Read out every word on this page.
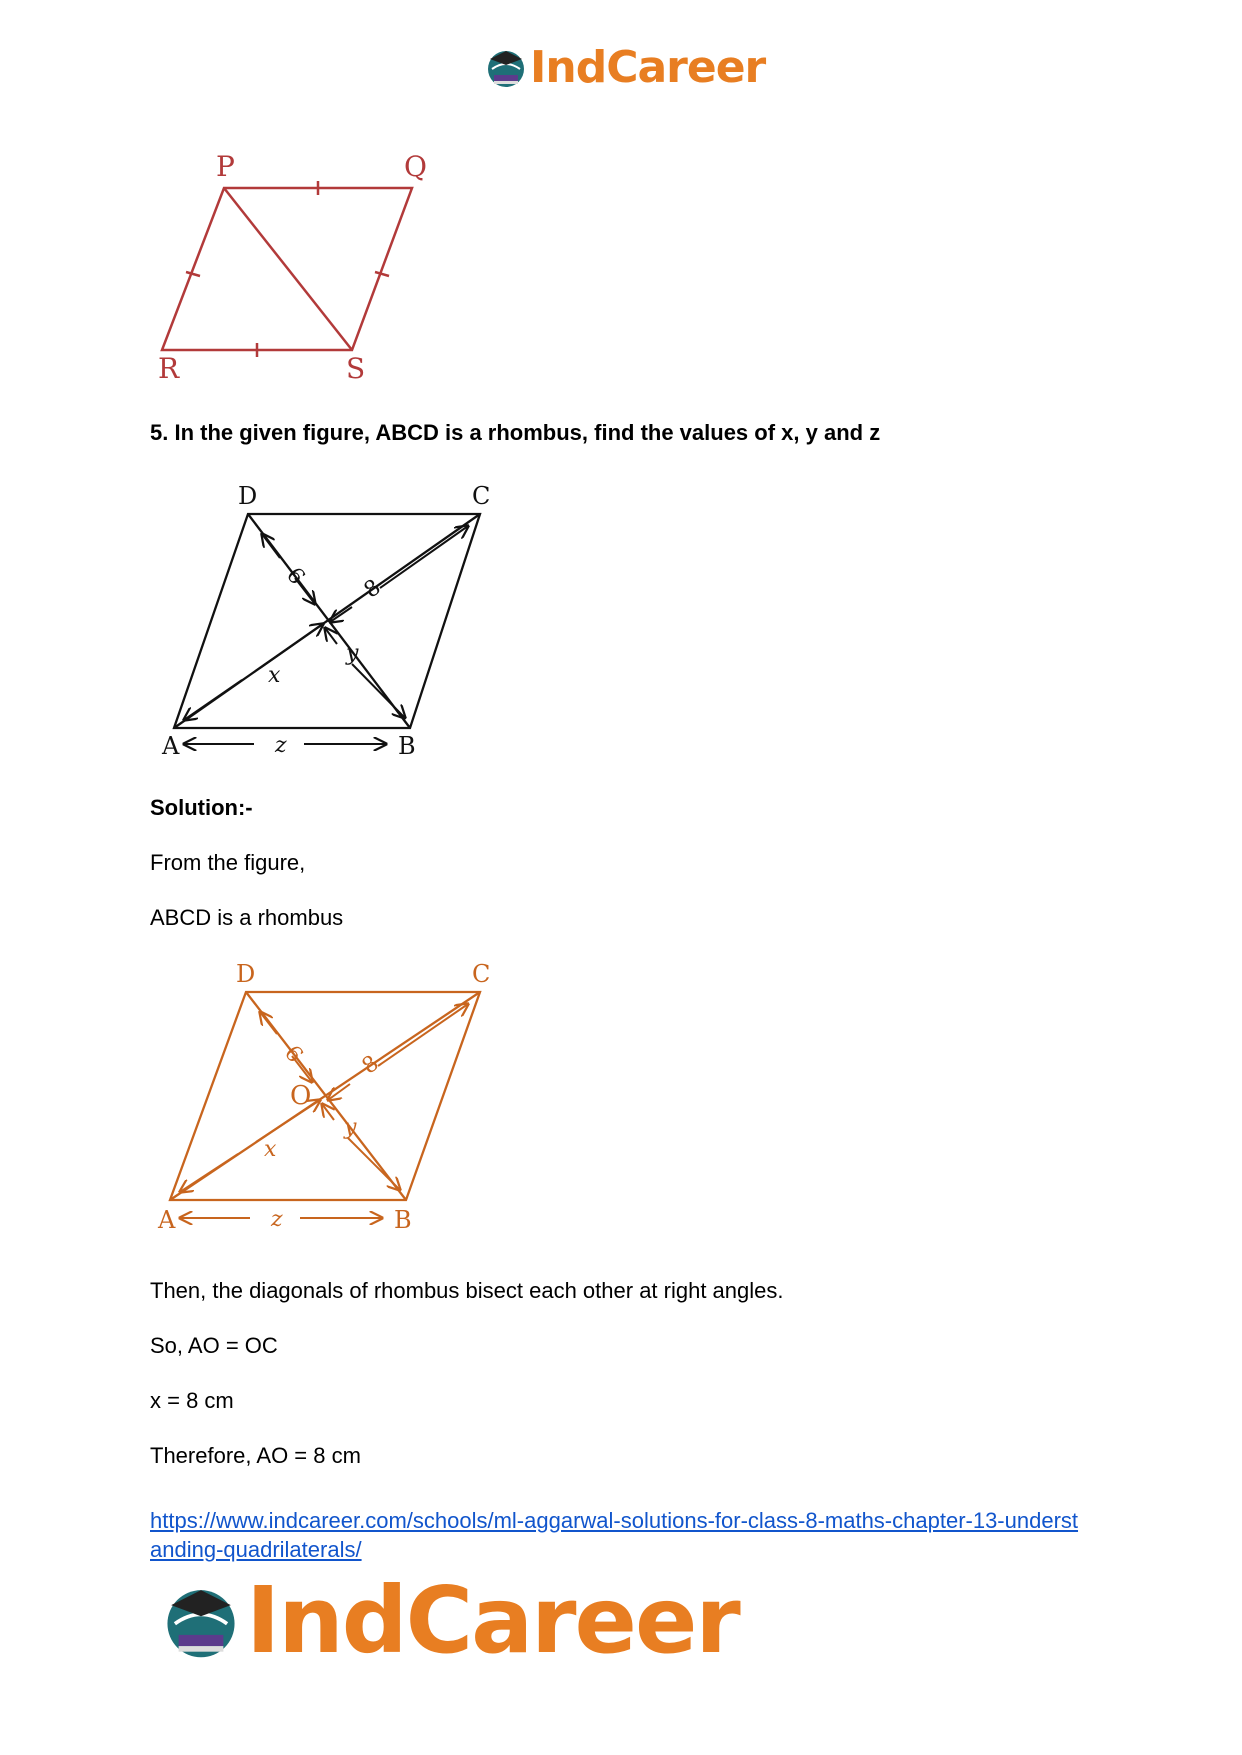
IndCareer
P	Q
R	S
5. In the given figure, ABCD is a rhombus, find the values of x, y and z
D	C
A	B
6 8
x
y
z
Solution:-
From the figure,
ABCD is a rhombus
D	C
A	B
O
6 8
x
y
z
Then, the diagonals of rhombus bisect each other at right angles.
So, AO = OC
x = 8 cm
Therefore, AO = 8 cm
https://www.indcareer.com/schools/ml-aggarwal-solutions-for-class-8-maths-chapter-13-understanding-quadrilaterals/
IndCareer
